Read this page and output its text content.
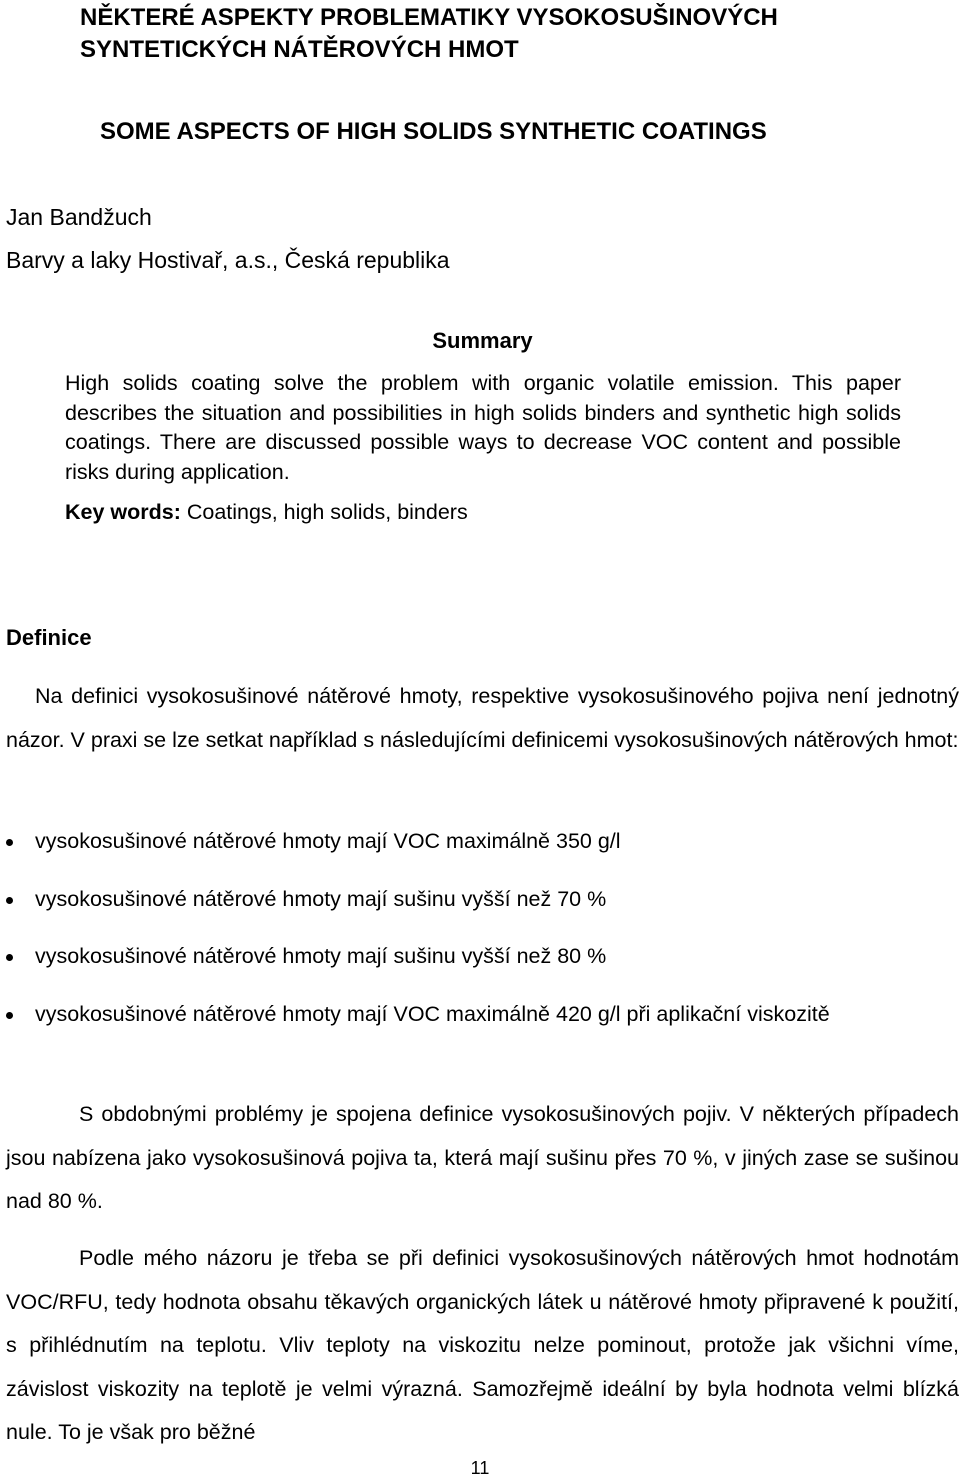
NĚKTERÉ ASPEKTY PROBLEMATIKY VYSOKOSUŠINOVÝCH
SYNTETICKÝCH NÁTĚROVÝCH HMOT
SOME ASPECTS OF HIGH SOLIDS SYNTHETIC COATINGS
Jan Bandžuch
Barvy a laky Hostivař, a.s., Česká republika
Summary
High solids coating solve the problem with organic volatile emission. This paper describes the situation and possibilities in high solids binders and synthetic high solids coatings. There are discussed possible ways to decrease VOC content and possible risks during application.
Key words: Coatings, high solids, binders
Definice

Na definici vysokosušinové nátěrové hmoty, respektive vysokosušinového pojiva není jednotný názor. V praxi se lze setkat například s následujícími definicemi vysokosušinových nátěrových hmot:

vysokosušinové nátěrové hmoty mají VOC maximálně 350 g/l
vysokosušinové nátěrové hmoty mají sušinu vyšší než 70 %
vysokosušinové nátěrové hmoty mají sušinu vyšší než 80 %
vysokosušinové nátěrové hmoty mají VOC maximálně 420 g/l při aplikační viskozitě

S obdobnými problémy je spojena definice vysokosušinových pojiv. V některých případech jsou nabízena jako vysokosušinová pojiva ta, která mají sušinu přes 70 %, v jiných zase se sušinou nad 80 %.

Podle mého názoru je třeba se při definici vysokosušinových nátěrových hmot hodnotám VOC/RFU, tedy hodnota obsahu těkavých organických látek u nátěrové hmoty připravené k použití, s přihlédnutím na teplotu. Vliv teploty na viskozitu nelze pominout, protože jak všichni víme, závislost viskozity na teplotě je velmi výrazná. Samozřejmě ideální by byla hodnota velmi blízká nule. To je však pro běžné

11
